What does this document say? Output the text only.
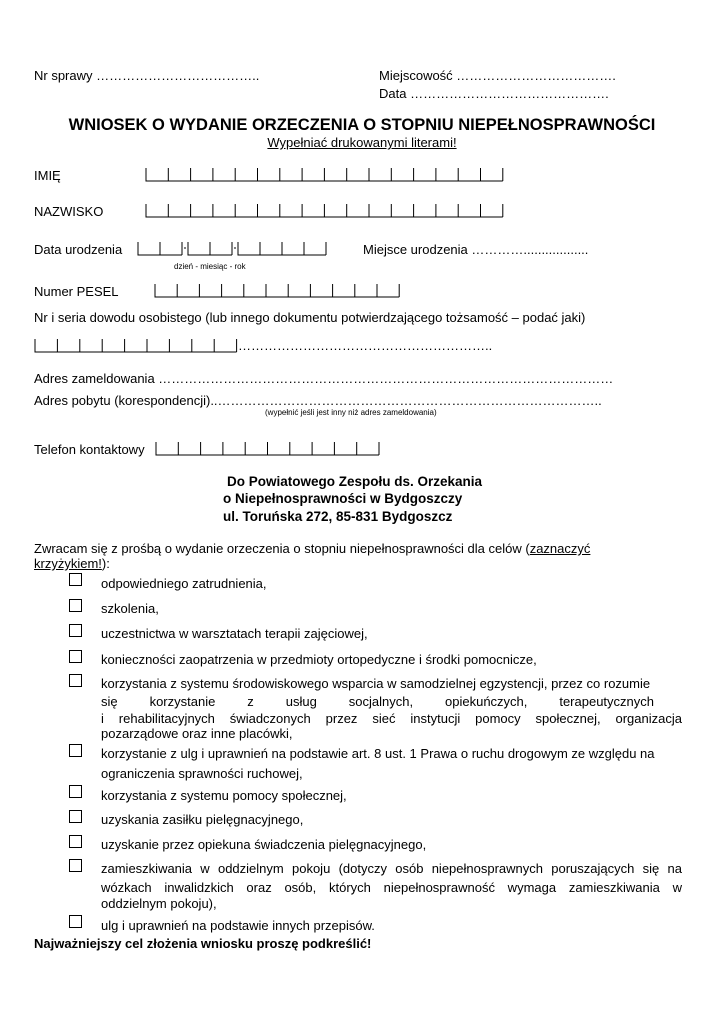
Nr sprawy ………………………………..	Miejscowość ……………………………….
Data ……………………………………….
WNIOSEK O WYDANIE ORZECZENIA O STOPNIU NIEPEŁNOSPRAWNOŚCI
Wypełniać drukowanymi literami!
IMIĘ
NAZWISKO
Data urodzenia
dzień - miesiąc - rok
Miejsce urodzenia …………..................
Numer PESEL
Nr i seria dowodu osobistego (lub innego dokumentu potwierdzającego tożsamość – podać jaki)
…………………………………………………..
Adres zameldowania ……………………………………………………………………………………………
Adres pobytu (korespondencji)..……………………………………………………………………………..
(wypełnić jeśli jest inny niż adres zameldowania)
Telefon kontaktowy
Do Powiatowego Zespołu ds. Orzekania
o Niepełnosprawności w Bydgoszczy
ul. Toruńska 272, 85-831 Bydgoszcz
Zwracam się z prośbą o wydanie orzeczenia o stopniu niepełnosprawności dla celów (zaznaczyć
krzyżykiem!):
odpowiedniego zatrudnienia,
szkolenia,
uczestnictwa w warsztatach terapii zajęciowej,
konieczności zaopatrzenia w przedmioty ortopedyczne i środki pomocnicze,
korzystania z systemu środowiskowego wsparcia w samodzielnej egzystencji, przez co rozumie
się korzystanie z usług socjalnych, opiekuńczych, terapeutycznych
i rehabilitacyjnych świadczonych przez sieć instytucji pomocy społecznej, organizacja
pozarządowe oraz inne placówki,
korzystanie z ulg i uprawnień na podstawie art. 8 ust. 1 Prawa o ruchu drogowym ze względu na
ograniczenia sprawności ruchowej,
korzystania z systemu pomocy społecznej,
uzyskania zasiłku pielęgnacyjnego,
uzyskanie przez opiekuna świadczenia pielęgnacyjnego,
zamieszkiwania w oddzielnym pokoju (dotyczy osób niepełnosprawnych poruszających się na
wózkach inwalidzkich oraz osób, których niepełnosprawność wymaga zamieszkiwania w
oddzielnym pokoju),
ulg i uprawnień na podstawie innych przepisów.
Najważniejszy cel złożenia wniosku proszę podkreślić!
